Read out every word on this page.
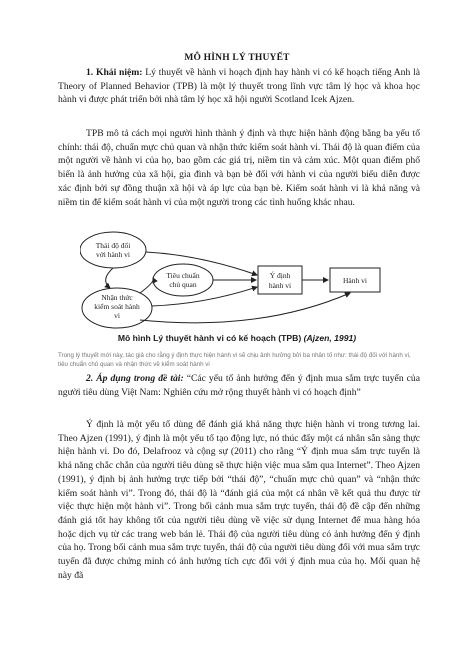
MÔ HÌNH LÝ THUYẾT

1. Khái niệm: Lý thuyết về hành vi hoạch định hay hành vi có kế hoạch tiếng Anh là Theory of Planned Behavior (TPB) là một lý thuyết trong lĩnh vực tâm lý học và khoa học hành vi được phát triển bởi nhà tâm lý học xã hội người Scotland Icek Ajzen.

TPB mô tả cách mọi người hình thành ý định và thực hiện hành động bằng ba yếu tố chính: thái độ, chuẩn mực chủ quan và nhận thức kiểm soát hành vi. Thái độ là quan điểm của một người về hành vi của họ, bao gồm các giá trị, niềm tin và cảm xúc. Một quan điểm phổ biến là ảnh hưởng của xã hội, gia đình và bạn bè đối với hành vi của người biểu diễn được xác định bởi sự đồng thuận xã hội và áp lực của bạn bè. Kiểm soát hành vi là khả năng và niềm tin để kiểm soát hành vi của một người trong các tình huống khác nhau.

Thái độ đối
với hành vi
Tiêu chuẩn
chủ quan
Nhận thức
kiểm soát hành
vi
Ý định
hành vi
Hành vi
Mô hình Lý thuyết hành vi có kế hoạch (TPB) (Ajzen, 1991)

Trong lý thuyết mới này, tác giả cho rằng ý định thực hiện hành vi sẽ chịu ảnh hưởng bởi ba nhân tố như: thái độ đối với hành vi, tiêu chuẩn chủ quan và nhận thức về kiểm soát hành vi

2. Áp dụng trong đề tài: “Các yếu tố ảnh hưởng đến ý định mua sắm trực tuyến của người tiêu dùng Việt Nam: Nghiên cứu mở rộng thuyết hành vi có hoạch định”

Ý định là một yếu tố dùng để đánh giá khả năng thực hiện hành vi trong tương lai. Theo Ajzen (1991), ý định là một yếu tố tạo động lực, nó thúc đẩy một cá nhân sẵn sàng thực hiện hành vi. Do đó, Delafrooz và cộng sự (2011) cho rằng “Ý định mua sắm trực tuyến là khả năng chắc chắn của người tiêu dùng sẽ thực hiện việc mua sắm qua Internet”. Theo Ajzen (1991), ý định bị ảnh hưởng trực tiếp bởi “thái độ”, “chuẩn mực chủ quan” và “nhận thức kiểm soát hành vi”. Trong đó, thái độ là “đánh giá của một cá nhân về kết quả thu được từ việc thực hiện một hành vi”. Trong bối cảnh mua sắm trực tuyến, thái độ đề cập đến những đánh giá tốt hay không tốt của người tiêu dùng về việc sử dụng Internet để mua hàng hóa hoặc dịch vụ từ các trang web bán lẻ. Thái độ của người tiêu dùng có ảnh hưởng đến ý định của họ. Trong bối cảnh mua sắm trực tuyến, thái độ của người tiêu dùng đối với mua sắm trực tuyến đã được chứng minh có ảnh hưởng tích cực đối với ý định mua của họ. Mối quan hệ này đã
